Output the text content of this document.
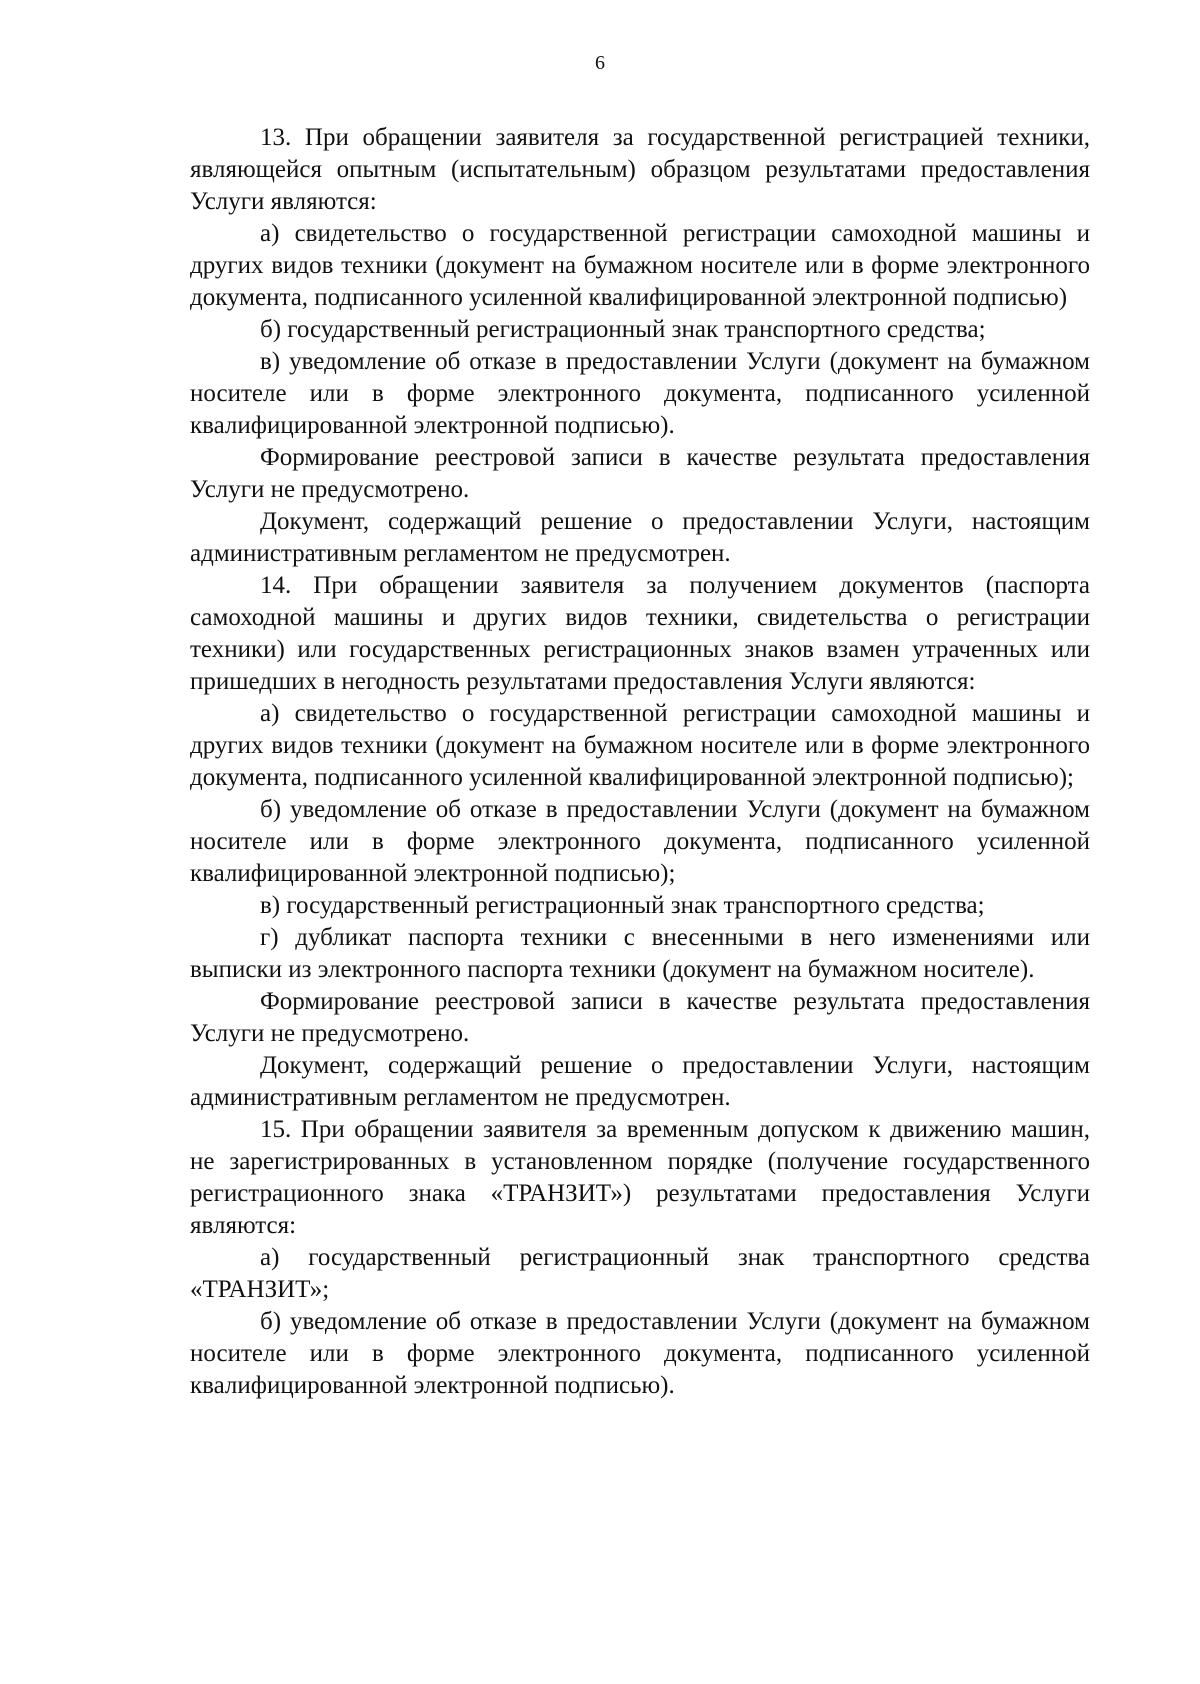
6

13. При обращении заявителя за государственной регистрацией техники, являющейся опытным (испытательным) образцом результатами предоставления Услуги являются:

а) свидетельство о государственной регистрации самоходной машины и других видов техники (документ на бумажном носителе или в форме электронного документа, подписанного усиленной квалифицированной электронной подписью)

б) государственный регистрационный знак транспортного средства;

в) уведомление об отказе в предоставлении Услуги (документ на бумажном носителе или в форме электронного документа, подписанного усиленной квалифицированной электронной подписью).

Формирование реестровой записи в качестве результата предоставления Услуги не предусмотрено.

Документ, содержащий решение о предоставлении Услуги, настоящим административным регламентом не предусмотрен.

14. При обращении заявителя за получением документов (паспорта самоходной машины и других видов техники, свидетельства о регистрации техники) или государственных регистрационных знаков взамен утраченных или пришедших в негодность результатами предоставления Услуги являются:

а) свидетельство о государственной регистрации самоходной машины и других видов техники (документ на бумажном носителе или в форме электронного документа, подписанного усиленной квалифицированной электронной подписью);

б) уведомление об отказе в предоставлении Услуги (документ на бумажном носителе или в форме электронного документа, подписанного усиленной квалифицированной электронной подписью);

в) государственный регистрационный знак транспортного средства;

г) дубликат паспорта техники с внесенными в него изменениями или выписки из электронного паспорта техники (документ на бумажном носителе).

Формирование реестровой записи в качестве результата предоставления Услуги не предусмотрено.

Документ, содержащий решение о предоставлении Услуги, настоящим административным регламентом не предусмотрен.

15. При обращении заявителя за временным допуском к движению машин, не зарегистрированных в установленном порядке (получение государственного регистрационного знака «ТРАНЗИТ») результатами предоставления Услуги являются:

а) государственный регистрационный знак транспортного средства «ТРАНЗИТ»;

б) уведомление об отказе в предоставлении Услуги (документ на бумажном носителе или в форме электронного документа, подписанного усиленной квалифицированной электронной подписью).
